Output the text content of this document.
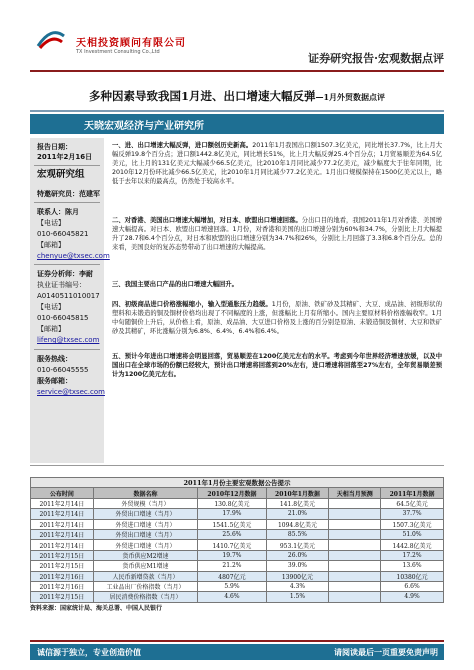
天相投资顾问有限公司
TX Investment Consulting Co.,Ltd	证券研究报告·宏观数据点评
多种因素导致我国1月进、出口增速大幅反弹—1月外贸数据点评
天晓宏观经济与产业研究所
报告日期：
2011年2月16日
宏观研究组
特邀研究员：范建军
联系人：陈月
【电话】
010-66045821
【邮箱】
chenyue@txsec.com
证券分析师：李耐
执业证书编号：
A0140511010017
【电话】
010-66045815
【邮箱】
lifeng@txsec.com
服务热线：
010-66045555
服务邮箱：
service@txsec.com
一、进、出口增速大幅反弹，进口额创历史新高。2011年1月我国出口额1507.3亿美元，同比增长37.7%，比上月大幅反弹19.8个百分点；进口额1442.8亿美元，同比增长51%，比上月大幅反弹25.4个百分点；1月贸易顺差为64.5亿美元，比上月的131亿美元大幅减少66.5亿美元，比2010年1月同比减少77.2亿美元，减少幅度大于往年同期，比2010年12月份环比减少66.5亿美元，比2010年1月同比减少77.2亿美元。1月出口规模保持在1500亿美元以上，略低于去年以来的最高点，仍然处于较高水平。
二、对香港、美国出口增速大幅增加，对日本、欧盟出口增速回落。分出口目的地看，我国2011年1月对香港、美国增速大幅提高。对日本、欧盟出口增速回落。1月份，对香港和美国的出口增速分别为60%和34.7%，分别比上月大幅提升了28.7和6.4个百分点，对日本和欧盟的出口增速分别为34.7%和26%，分别比上月回落了3.3和6.8个百分点。总的来看，美国良好的复苏态势带动了出口增速的大幅提高。
三、我国主要出口产品的出口增速大幅回升。
四、初级商品进口价格涨幅缩小，输入型通胀压力趋缓。1月份，原油、铁矿砂及其精矿、大豆、成品油、初级形状的塑料和未锻造的铜及铜材价格均出现了不同幅度的上涨，但涨幅比上月有所缩小。国内主要原材料价格涨幅收窄。1月中旬随铜价上升后，从价格上看，原油、成品油、大豆进口价格及上涨的百分别是原油、未锻造铜及铜材、大豆和铁矿砂及其精矿，环比涨幅分别为6.8%、6.4%、6.4%和6.4%。
五、预计今年进出口增速将会明显回落，贸易顺差在1200亿美元左右的水平。考虑到今年世界经济增速放缓，以及中国出口在全球市场的份额已经较大，预计出口增速将回落到20%左右，进口增速将回落至27%左右，全年贸易顺差预计为1200亿美元左右。
2011年1月份主要宏观数据公告提示					
公布时间	数据名称	2010年12月数据	2010年1月数据	天相当月预测	2011年1月数据
2011年2月14日	外贸规模（当月）	130.8亿美元	141.8亿美元		64.5亿美元
2011年2月14日	外贸出口增速（当月）	17.9%	21.0%		37.7%
2011年2月14日	外贸进口增速（当月）	1541.5亿美元	1094.8亿美元		1507.3亿美元
2011年2月14日	外贸出口增速（当月）	25.6%	85.5%		51.0%
2011年2月14日	外贸进口增速（当月）	1410.7亿美元	953.1亿美元		1442.8亿美元
2011年2月15日	货币供应M2增速	19.7%	26.0%		17.2%
2011年2月15日	货币供应M1增速	21.2%	39.0%		13.6%
2011年2月16日	人民币新增贷款（当月）	4807亿元	13900亿元		10380亿元
2011年2月16日	工业品出厂价格指数（当月）	5.9%	4.3%		6.6%
2011年2月15日	居民消费价格指数（当月）	4.6%	1.5%		4.9%
资料来源：国家统计局、海关总署、中国人民银行
诚信源于独立，专业创造价值	请阅读最后一页重要免责声明
